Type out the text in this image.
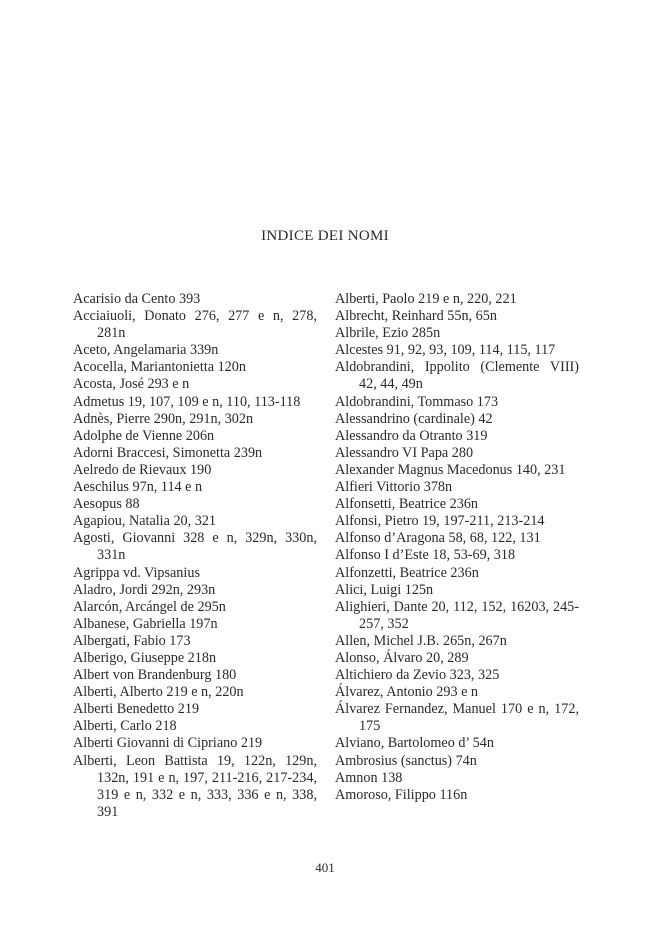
INDICE DEI NOMI

Acarisio da Cento 393

Acciaiuoli, Donato 276, 277 e n, 278, 281n

Aceto, Angelamaria 339n

Acocella, Mariantonietta 120n

Acosta, José 293 e n

Admetus 19, 107, 109 e n, 110, 113-118

Adnès, Pierre 290n, 291n, 302n

Adolphe de Vienne 206n

Adorni Braccesi, Simonetta 239n

Aelredo de Rievaux 190

Aeschilus 97n, 114 e n

Aesopus 88

Agapiou, Natalia 20, 321

Agosti, Giovanni 328 e n, 329n, 330n, 331n

Agrippa vd. Vipsanius

Aladro, Jordi 292n, 293n

Alarcón, Arcángel de 295n

Albanese, Gabriella 197n

Albergati, Fabio 173

Alberigo, Giuseppe 218n

Albert von Brandenburg 180

Alberti, Alberto 219 e n, 220n

Alberti Benedetto 219

Alberti, Carlo 218

Alberti Giovanni di Cipriano 219

Alberti, Leon Battista 19, 122n, 129n, 132n, 191 e n, 197, 211-216, 217-234, 319 e n, 332 e n, 333, 336 e n, 338, 391

Alberti, Paolo 219 e n, 220, 221

Albrecht, Reinhard 55n, 65n

Albrile, Ezio 285n

Alcestes 91, 92, 93, 109, 114, 115, 117

Aldobrandini, Ippolito (Clemente VIII) 42, 44, 49n

Aldobrandini, Tommaso 173

Alessandrino (cardinale) 42

Alessandro da Otranto 319

Alessandro VI Papa 280

Alexander Magnus Macedonus 140, 231

Alfieri Vittorio 378n

Alfonsetti, Beatrice 236n

Alfonsi, Pietro 19, 197-211, 213-214

Alfonso d’Aragona 58, 68, 122, 131

Alfonso I d’Este 18, 53-69, 318

Alfonzetti, Beatrice 236n

Alici, Luigi 125n

Alighieri, Dante 20, 112, 152, 16203, 245-257, 352

Allen, Michel J.B. 265n, 267n

Alonso, Álvaro 20, 289

Altichiero da Zevio 323, 325

Álvarez, Antonio 293 e n

Álvarez Fernandez, Manuel 170 e n, 172, 175

Alviano, Bartolomeo d’ 54n

Ambrosius (sanctus) 74n

Amnon 138

Amoroso, Filippo 116n

401
